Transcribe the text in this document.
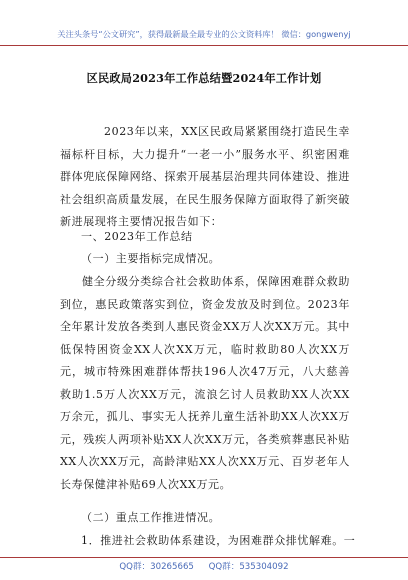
关注头条号“公文研究”，获得最新最全最专业的公文资料库！ 微信：gongwenyj
区民政局2023年工作总结暨2024年工作计划

2023年以来，XX区民政局紧紧围绕打造民生幸福标杆目标，大力提升“一老一小”服务水平、织密困难群体兜底保障网络、探索开展基层治理共同体建设、推进社会组织高质量发展，在民生服务保障方面取得了新突破新进展现将主要情况报告如下：

一、2023年工作总结

（一）主要指标完成情况。

健全分级分类综合社会救助体系，保障困难群众救助到位，惠民政策落实到位，资金发放及时到位。2023年全年累计发放各类到人惠民资金XX万人次XX万元。其中低保特困资金XX人次XX万元，临时救助80人次XX万元，城市特殊困难群体帮扶196人次47万元，八大慈善救助1.5万人次XX万元，流浪乞讨人员救助XX人次XX万余元，孤儿、事实无人抚养儿童生活补助XX人次XX万元，残疾人两项补贴XX人次XX万元，各类殡葬惠民补贴XX人次XX万元，高龄津贴XX人次XX万元、百岁老年人长寿保健津补贴69人次XX万元。

（二）重点工作推进情况。

1．推进社会救助体系建设，为困难群众排忧解难。一

QQ群：30265665 QQ群：535304092
